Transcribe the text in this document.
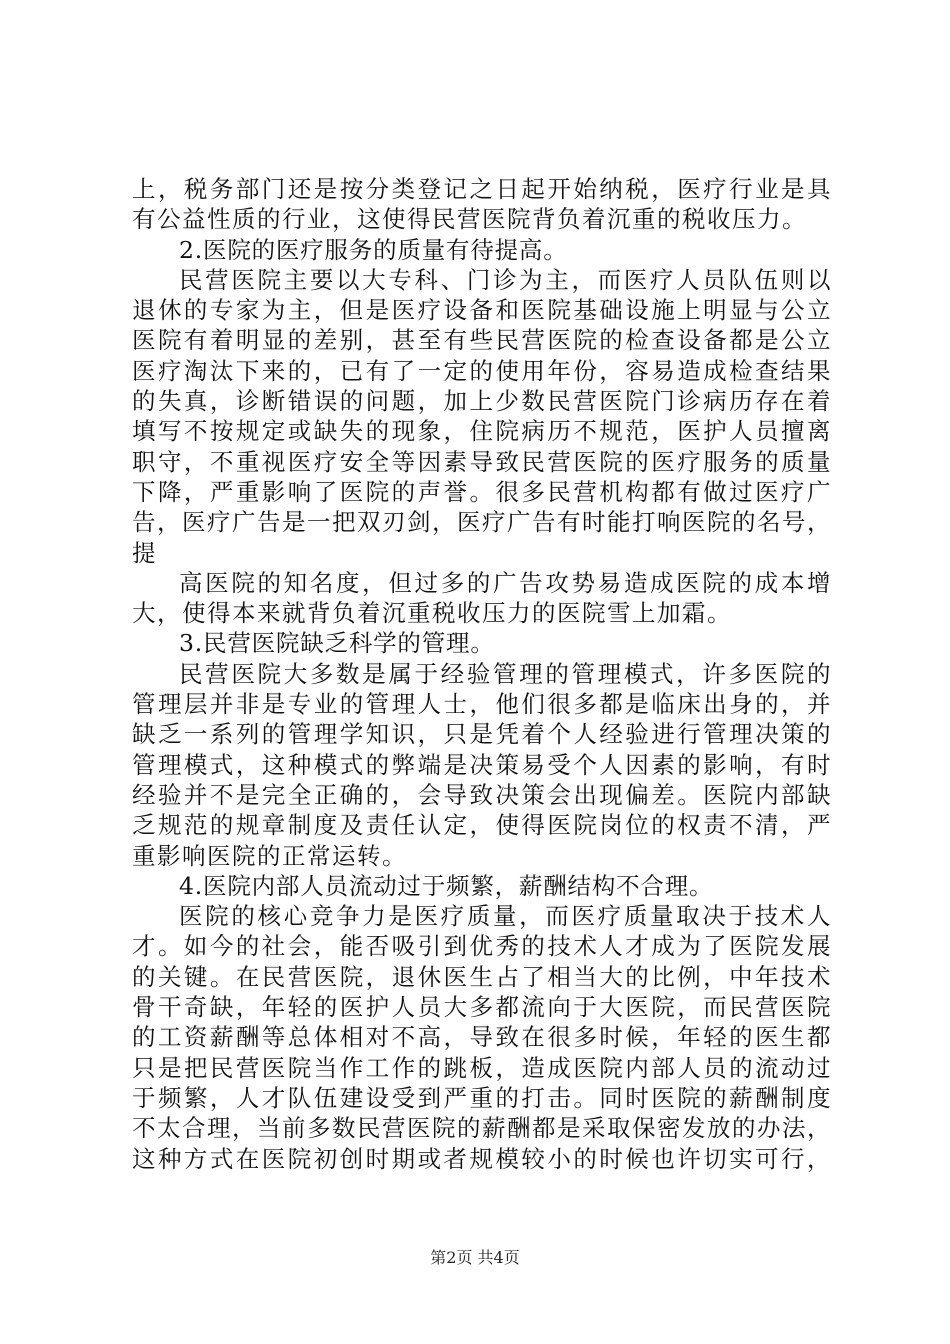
上，税务部门还是按分类登记之日起开始纳税，医疗行业是具
有公益性质的行业，这使得民营医院背负着沉重的税收压力。
2.医院的医疗服务的质量有待提高。
民营医院主要以大专科、门诊为主，而医疗人员队伍则以
退休的专家为主，但是医疗设备和医院基础设施上明显与公立
医院有着明显的差别，甚至有些民营医院的检查设备都是公立
医疗淘汰下来的，已有了一定的使用年份，容易造成检查结果
的失真，诊断错误的问题，加上少数民营医院门诊病历存在着
填写不按规定或缺失的现象，住院病历不规范，医护人员擅离
职守，不重视医疗安全等因素导致民营医院的医疗服务的质量
下降，严重影响了医院的声誉。很多民营机构都有做过医疗广
告，医疗广告是一把双刃剑，医疗广告有时能打响医院的名号，
提
高医院的知名度，但过多的广告攻势易造成医院的成本增
大，使得本来就背负着沉重税收压力的医院雪上加霜。
3.民营医院缺乏科学的管理。
民营医院大多数是属于经验管理的管理模式，许多医院的
管理层并非是专业的管理人士，他们很多都是临床出身的，并
缺乏一系列的管理学知识，只是凭着个人经验进行管理决策的
管理模式，这种模式的弊端是决策易受个人因素的影响，有时
经验并不是完全正确的，会导致决策会出现偏差。医院内部缺
乏规范的规章制度及责任认定，使得医院岗位的权责不清，严
重影响医院的正常运转。
4.医院内部人员流动过于频繁，薪酬结构不合理。
医院的核心竞争力是医疗质量，而医疗质量取决于技术人
才。如今的社会，能否吸引到优秀的技术人才成为了医院发展
的关键。在民营医院，退休医生占了相当大的比例，中年技术
骨干奇缺，年轻的医护人员大多都流向于大医院，而民营医院
的工资薪酬等总体相对不高，导致在很多时候，年轻的医生都
只是把民营医院当作工作的跳板，造成医院内部人员的流动过
于频繁，人才队伍建设受到严重的打击。同时医院的薪酬制度
不太合理，当前多数民营医院的薪酬都是采取保密发放的办法，
这种方式在医院初创时期或者规模较小的时候也许切实可行，
第2页 共4页
